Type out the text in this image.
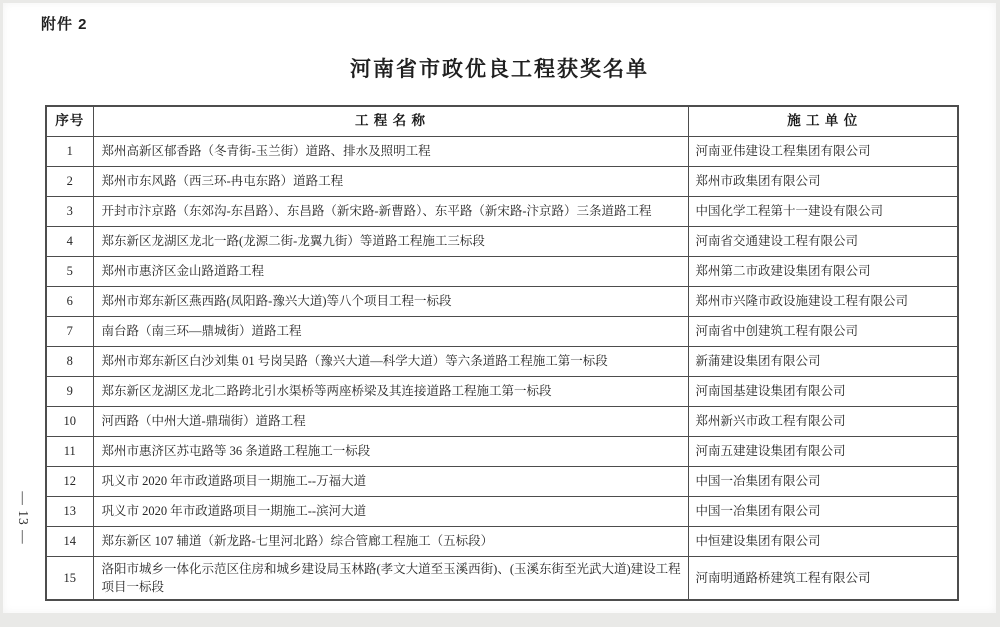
— 13 —
附件 2
河南省市政优良工程获奖名单
序号	工 程 名 称	施 工 单 位
1	郑州高新区郁香路（冬青街-玉兰街）道路、排水及照明工程	河南亚伟建设工程集团有限公司
2	郑州市东风路（西三环-冉屯东路）道路工程	郑州市政集团有限公司
3	开封市汴京路（东郊沟-东昌路）、东昌路（新宋路-新曹路）、东平路（新宋路-汴京路）三条道路工程	中国化学工程第十一建设有限公司
4	郑东新区龙湖区龙北一路(龙源二街-龙翼九街）等道路工程施工三标段	河南省交通建设工程有限公司
5	郑州市惠济区金山路道路工程	郑州第二市政建设集团有限公司
6	郑州市郑东新区燕西路(凤阳路-豫兴大道)等八个项目工程一标段	郑州市兴隆市政设施建设工程有限公司
7	南台路（南三环—鼎城街）道路工程	河南省中创建筑工程有限公司
8	郑州市郑东新区白沙刘集 01 号岗吴路（豫兴大道—科学大道）等六条道路工程施工第一标段	新蒲建设集团有限公司
9	郑东新区龙湖区龙北二路跨北引水渠桥等两座桥梁及其连接道路工程施工第一标段	河南国基建设集团有限公司
10	河西路（中州大道-鼎瑞街）道路工程	郑州新兴市政工程有限公司
11	郑州市惠济区苏屯路等 36 条道路工程施工一标段	河南五建建设集团有限公司
12	巩义市 2020 年市政道路项目一期施工--万福大道	中国一冶集团有限公司
13	巩义市 2020 年市政道路项目一期施工--滨河大道	中国一冶集团有限公司
14	郑东新区 107 辅道（新龙路-七里河北路）综合管廊工程施工（五标段）	中恒建设集团有限公司
15	洛阳市城乡一体化示范区住房和城乡建设局玉林路(孝文大道至玉溪西街)、(玉溪东街至光武大道)建设工程项目一标段	河南明通路桥建筑工程有限公司
